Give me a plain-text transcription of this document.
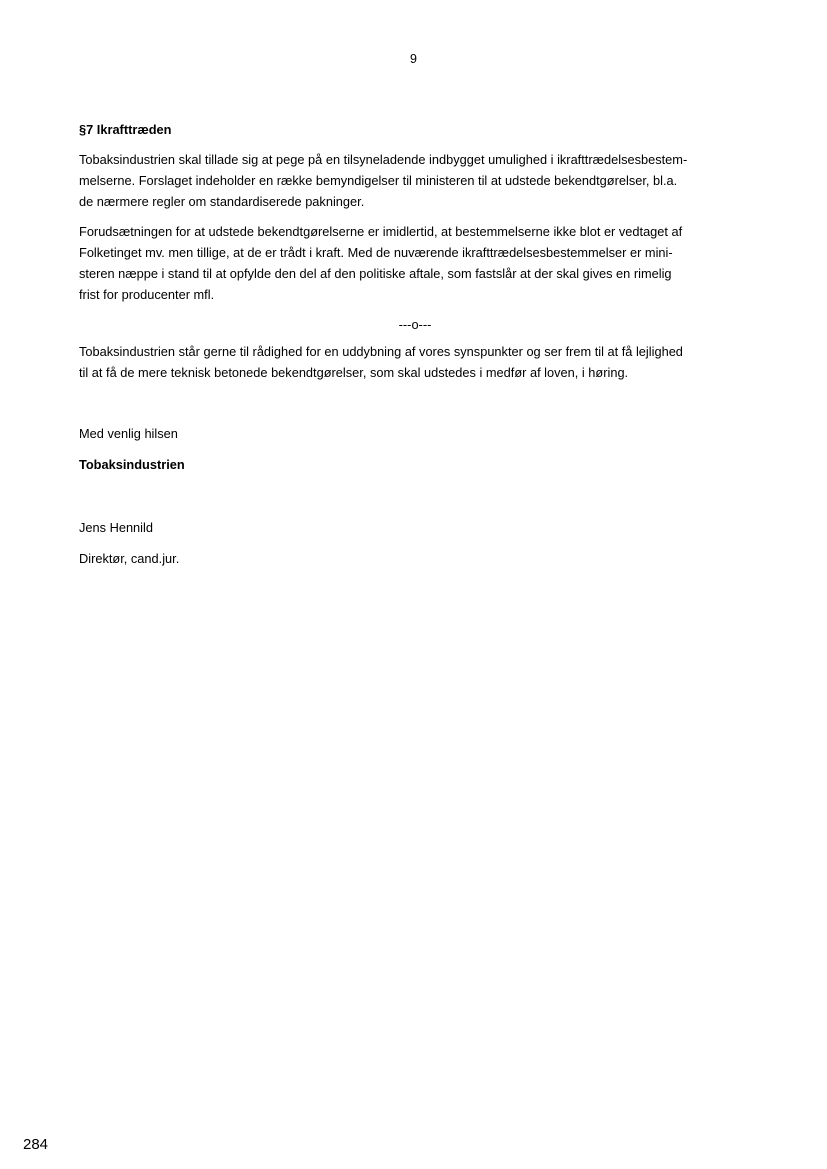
9
§7 Ikrafttræden
Tobaksindustrien skal tillade sig at pege på en tilsyneladende indbygget umulighed i ikrafttrædelsesbestem-
melserne. Forslaget indeholder en række bemyndigelser til ministeren til at udstede bekendtgørelser, bl.a.
de nærmere regler om standardiserede pakninger.
Forudsætningen for at udstede bekendtgørelserne er imidlertid, at bestemmelserne ikke blot er vedtaget af
Folketinget mv. men tillige, at de er trådt i kraft. Med de nuværende ikrafttrædelsesbestemmelser er mini-
steren næppe i stand til at opfylde den del af den politiske aftale, som fastslår at der skal gives en rimelig
frist for producenter mfl.
---o---
Tobaksindustrien står gerne til rådighed for en uddybning af vores synspunkter og ser frem til at få lejlighed
til at få de mere teknisk betonede bekendtgørelser, som skal udstedes i medfør af loven, i høring.
Med venlig hilsen
Tobaksindustrien
Jens Hennild
Direktør, cand.jur.
284
